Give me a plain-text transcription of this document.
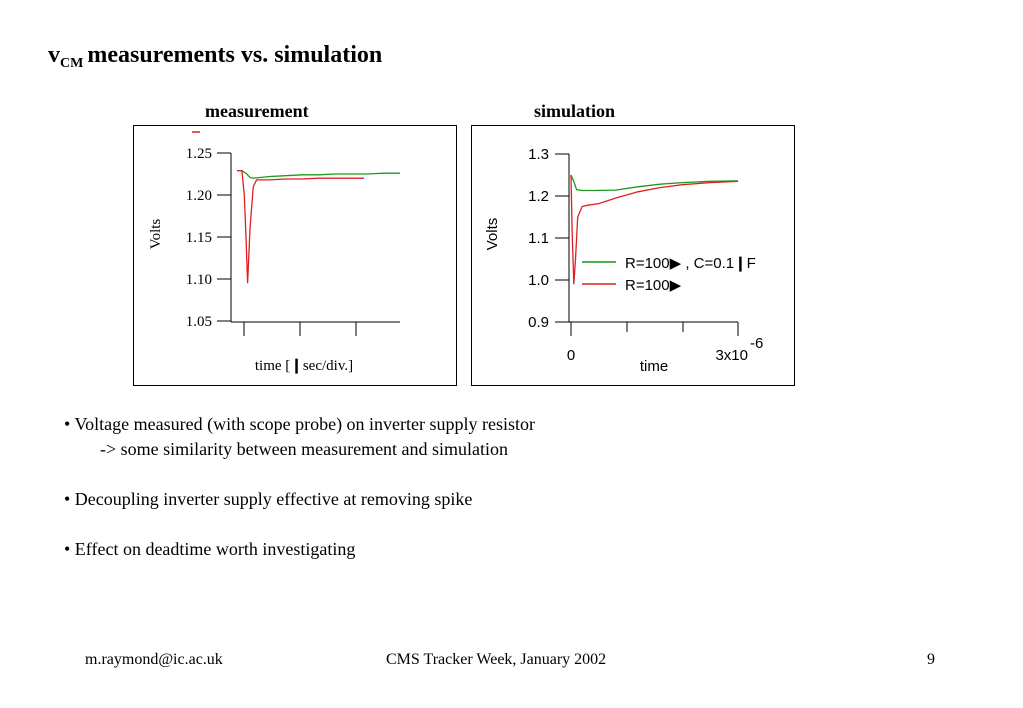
$v_{CM}$ measurements vs. simulation
measurement	simulation
1.25
1.20
1.15
1.10
1.05
Volts
time [❙sec/div.]
1.3
1.2
1.1
1.0
0.9
0	3x10
-6
Volts
time
R=100▶ , C=0.1❙F
R=100▶

• Voltage measured (with scope probe) on inverter supply resistor

-> some similarity between measurement and simulation

• Decoupling inverter supply effective at removing spike

• Effect on deadtime worth investigating

m.raymond@ic.ac.uk	CMS Tracker Week, January 2002	9
